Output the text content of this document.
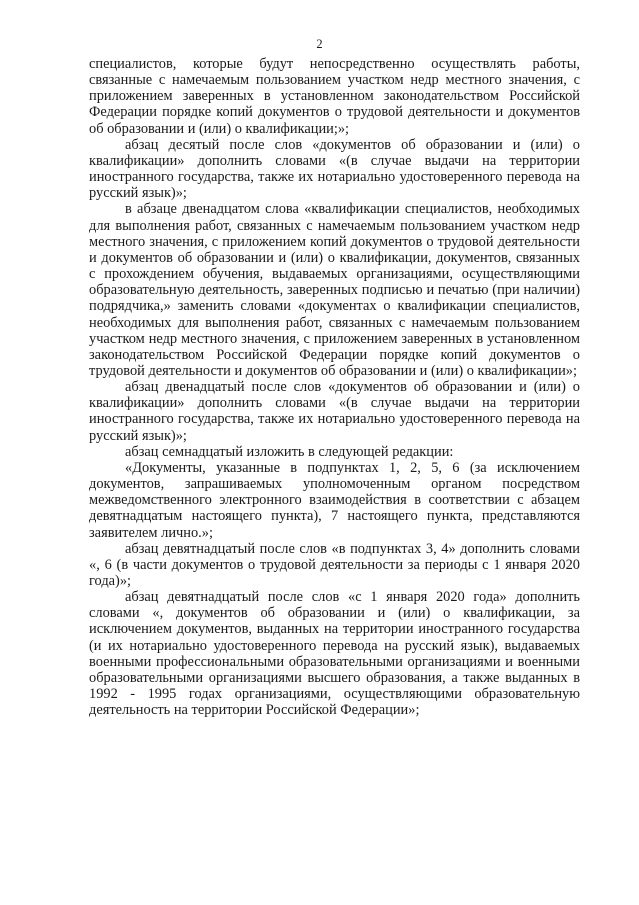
2

специалистов, которые будут непосредственно осуществлять работы, связанные с намечаемым пользованием участком недр местного значения, с приложением заверенных в установленном законодательством Российской Федерации порядке копий документов о трудовой деятельности и документов об образовании и (или) о квалификации;»;

абзац десятый после слов «документов об образовании и (или) о квалификации» дополнить словами «(в случае выдачи на территории иностранного государства, также их нотариально удостоверенного перевода на русский язык)»;

в абзаце двенадцатом слова «квалификации специалистов, необходимых для выполнения работ, связанных с намечаемым пользованием участком недр местного значения, с приложением копий документов о трудовой деятельности и документов об образовании и (или) о квалификации, документов, связанных с прохождением обучения, выдаваемых организациями, осуществляющими образовательную деятельность, заверенных подписью и печатью (при наличии) подрядчика,» заменить словами «документах о квалификации специалистов, необходимых для выполнения работ, связанных с намечаемым пользованием участком недр местного значения, с приложением заверенных в установленном законодательством Российской Федерации порядке копий документов о трудовой деятельности и документов об образовании и (или) о квалификации»;

абзац двенадцатый после слов «документов об образовании и (или) о квалификации» дополнить словами «(в случае выдачи на территории иностранного государства, также их нотариально удостоверенного перевода на русский язык)»;

абзац семнадцатый изложить в следующей редакции:

«Документы, указанные в подпунктах 1, 2, 5, 6 (за исключением документов, запрашиваемых уполномоченным органом посредством межведомственного электронного взаимодействия в соответствии с абзацем девятнадцатым настоящего пункта), 7 настоящего пункта, представляются заявителем лично.»;

абзац девятнадцатый после слов «в подпунктах 3, 4» дополнить словами «, 6 (в части документов о трудовой деятельности за периоды с 1 января 2020 года)»;

абзац девятнадцатый после слов «с 1 января 2020 года» дополнить словами «, документов об образовании и (или) о квалификации, за исключением документов, выданных на территории иностранного государства (и их нотариально удостоверенного перевода на русский язык), выдаваемых военными профессиональными образовательными организациями и военными образовательными организациями высшего образования, а также выданных в 1992 - 1995 годах организациями, осуществляющими образовательную деятельность на территории Российской Федерации»;
